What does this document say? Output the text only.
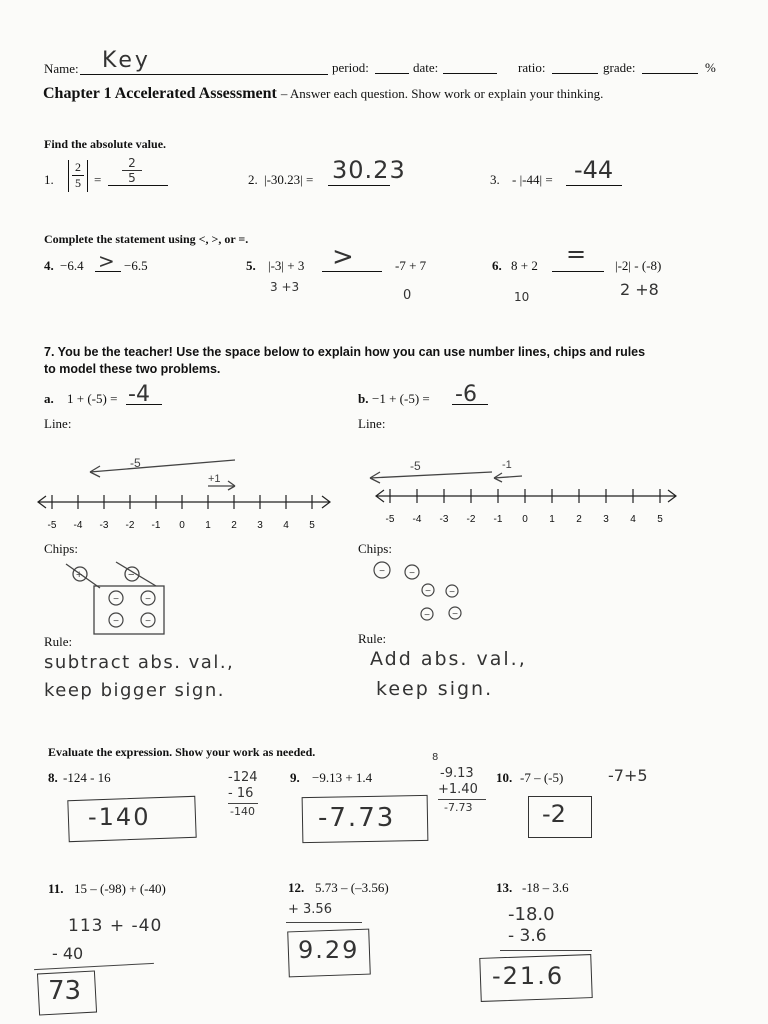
Name: Key	period:	date:	ratio:	grade:	%
Chapter 1 Accelerated Assessment – Answer each question. Show work or explain your thinking.
Find the absolute value.
1.
2
5	=
2
5	2. |-30.23| = 30.23	3. - |-44| = -44
Complete the statement using <, >, or =.
4. −6.4 > −6.5	5. |-3| + 3 >	-7 + 7
3 +3
0
6. 8 + 2 = |-2| - (-8)
10	2 +8
7. You be the teacher! Use the space below to explain how you can use number lines, chips and rules
to model these two problems.
a. 1 + (-5) = -4
Line:
b. −1 + (-5) = -6
Line:
-5
+1
-5 -4 -3 -2 -1 0 1 2 3 4 5
-5	-1
-5 -4 -3 -2 -1 0 1 2 3 4 5
Chips:
+	−
−	−
−	−
Chips:
− −
− −
− −
Rule:
subtract abs. val.,
keep bigger sign.
Rule:
Add abs. val.,
keep sign.
Evaluate the expression. Show your work as needed.
8. -124 - 16	-124
- 16
-140
-140
9. −9.13 + 1.4
8
-9.13
+1.40
-7.73
-7.73
10. -7 – (-5)	-7+5
-2
11. 15 – (-98) + (-40)
113 + -40
- 40
73
12. 5.73 – (–3.56)
+ 3.56
9.29
13. -18 – 3.6
-18.0
- 3.6
-21.6
